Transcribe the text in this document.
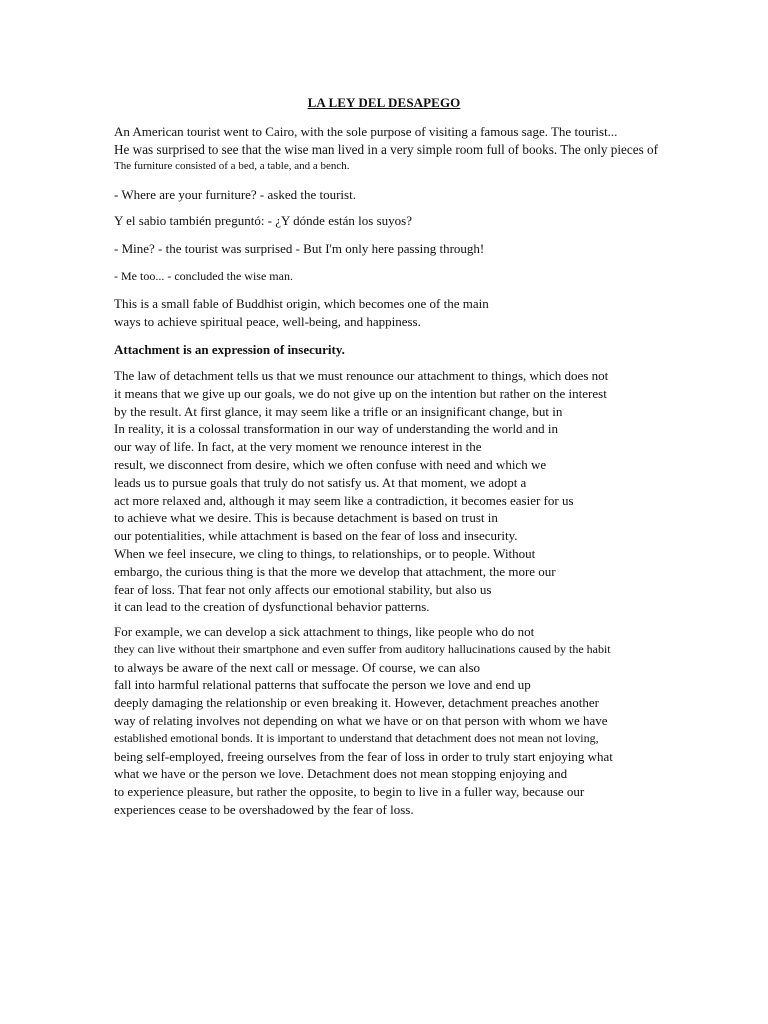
LA LEY DEL DESAPEGO
An American tourist went to Cairo, with the sole purpose of visiting a famous sage. The tourist...
He was surprised to see that the wise man lived in a very simple room full of books. The only pieces of
The furniture consisted of a bed, a table, and a bench.
- Where are your furniture? - asked the tourist.
Y el sabio también preguntó: - ¿Y dónde están los suyos?
- Mine? - the tourist was surprised - But I'm only here passing through!
- Me too... - concluded the wise man.
This is a small fable of Buddhist origin, which becomes one of the main
ways to achieve spiritual peace, well-being, and happiness.
Attachment is an expression of insecurity.
The law of detachment tells us that we must renounce our attachment to things, which does not
it means that we give up our goals, we do not give up on the intention but rather on the interest
by the result. At first glance, it may seem like a trifle or an insignificant change, but in
In reality, it is a colossal transformation in our way of understanding the world and in
our way of life. In fact, at the very moment we renounce interest in the
result, we disconnect from desire, which we often confuse with need and which we
leads us to pursue goals that truly do not satisfy us. At that moment, we adopt a
act more relaxed and, although it may seem like a contradiction, it becomes easier for us
to achieve what we desire. This is because detachment is based on trust in
our potentialities, while attachment is based on the fear of loss and insecurity.
When we feel insecure, we cling to things, to relationships, or to people. Without
embargo, the curious thing is that the more we develop that attachment, the more our
fear of loss. That fear not only affects our emotional stability, but also us
it can lead to the creation of dysfunctional behavior patterns.
For example, we can develop a sick attachment to things, like people who do not
they can live without their smartphone and even suffer from auditory hallucinations caused by the habit
to always be aware of the next call or message. Of course, we can also
fall into harmful relational patterns that suffocate the person we love and end up
deeply damaging the relationship or even breaking it. However, detachment preaches another
way of relating involves not depending on what we have or on that person with whom we have
established emotional bonds. It is important to understand that detachment does not mean not loving,
being self-employed, freeing ourselves from the fear of loss in order to truly start enjoying what
what we have or the person we love. Detachment does not mean stopping enjoying and
to experience pleasure, but rather the opposite, to begin to live in a fuller way, because our
experiences cease to be overshadowed by the fear of loss.
